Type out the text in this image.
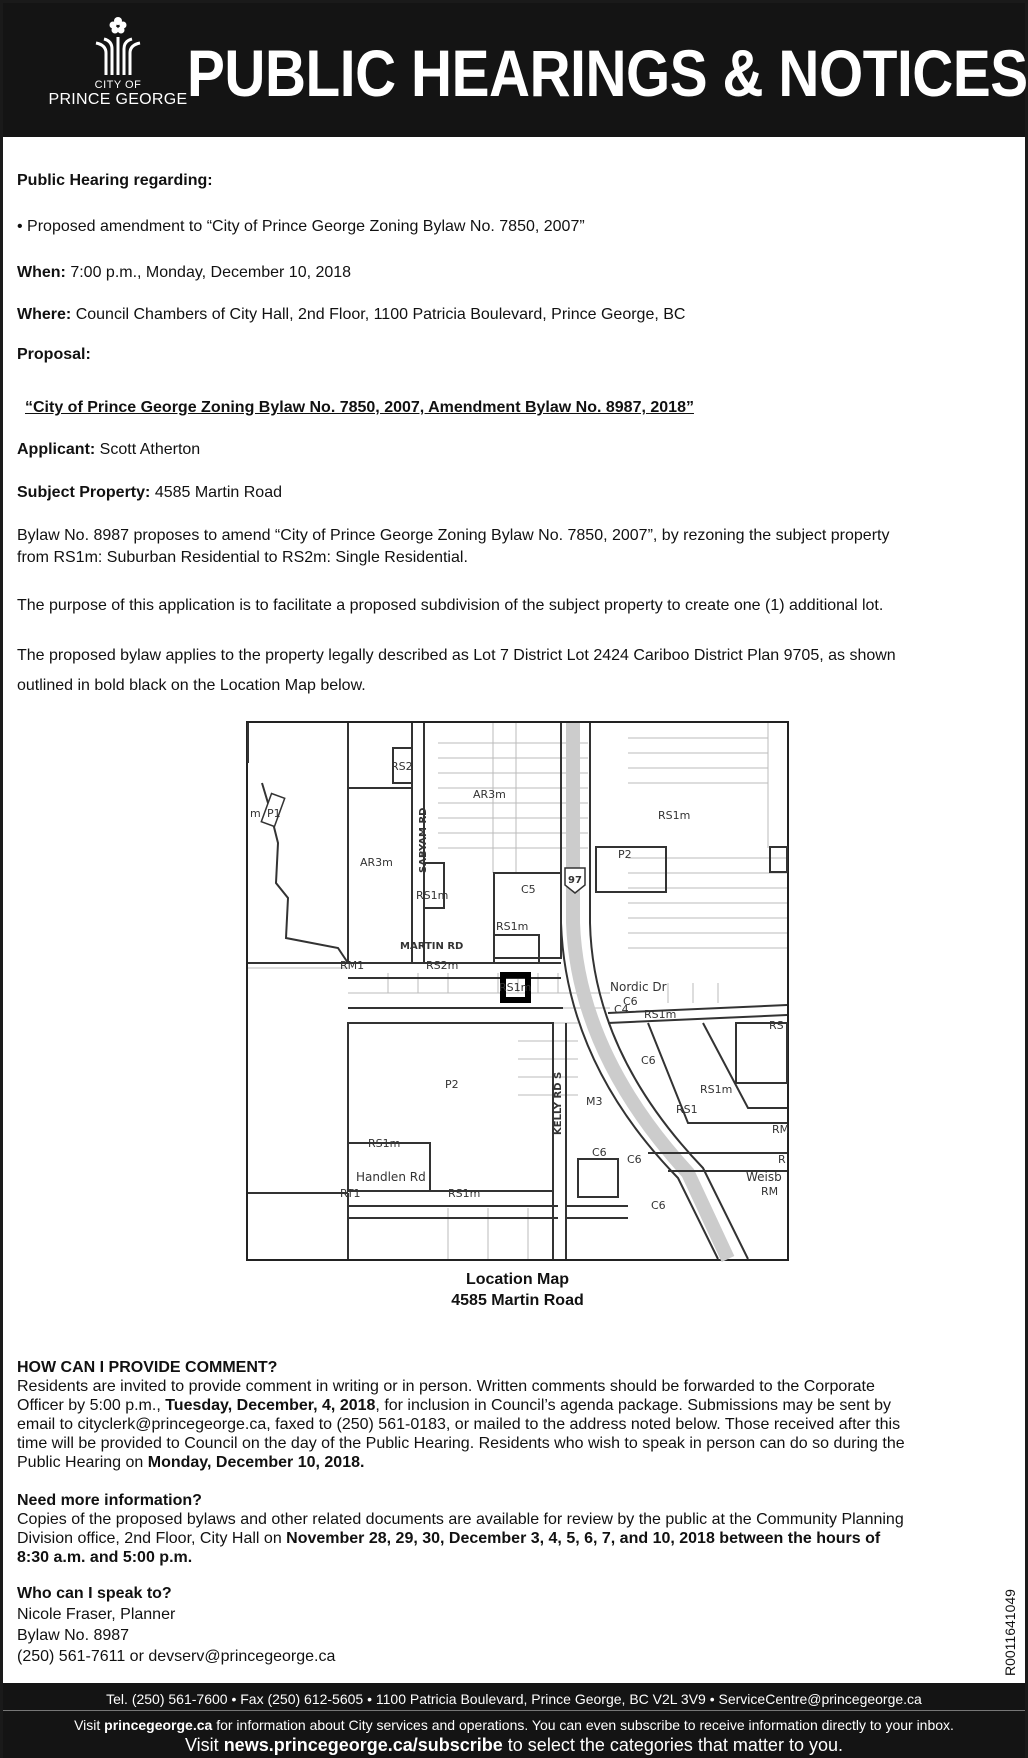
CITY OF
PRINCE GEORGE PUBLIC HEARINGS & NOTICES
Public Hearing regarding:
• Proposed amendment to “City of Prince George Zoning Bylaw No. 7850, 2007”
When: 7:00 p.m., Monday, December 10, 2018
Where: Council Chambers of City Hall, 2nd Floor, 1100 Patricia Boulevard, Prince George, BC
Proposal:
“City of Prince George Zoning Bylaw No. 7850, 2007, Amendment Bylaw No. 8987, 2018”
Applicant: Scott Atherton
Subject Property: 4585 Martin Road
Bylaw No. 8987 proposes to amend “City of Prince George Zoning Bylaw No. 7850, 2007”, by rezoning the subject property
from RS1m: Suburban Residential to RS2m: Single Residential.
The purpose of this application is to facilitate a proposed subdivision of the subject property to create one (1) additional lot.
The proposed bylaw applies to the property legally described as Lot 7 District Lot 2424 Cariboo District Plan 9705, as shown
outlined in bold black on the Location Map below.
RS2
AR3m
P1
m	RS1m
AR3m
97
P2
RS1m	C5
RS1m
MARTIN RD
RM1	RS2m
RS1m	Nordic Dr
C6
C4 RS1m
RS
C6
RS1m
P2
M3
RS1
RM
RS1m
C6
C6	R
Handlen Rd	Weisb
RT1	RS1m	RM
C6
SABYAM RD
KELLY RD S
Location Map
4585 Martin Road
HOW CAN I PROVIDE COMMENT?
Residents are invited to provide comment in writing or in person. Written comments should be forwarded to the Corporate
Officer by 5:00 p.m., Tuesday, December, 4, 2018, for inclusion in Council’s agenda package. Submissions may be sent by
email to cityclerk@princegeorge.ca, faxed to (250) 561-0183, or mailed to the address noted below. Those received after this
time will be provided to Council on the day of the Public Hearing. Residents who wish to speak in person can do so during the
Public Hearing on Monday, December 10, 2018.
Need more information?
Copies of the proposed bylaws and other related documents are available for review by the public at the Community Planning
Division office, 2nd Floor, City Hall on November 28, 29, 30, December 3, 4, 5, 6, 7, and 10, 2018 between the hours of
8:30 a.m. and 5:00 p.m.
Who can I speak to?
Nicole Fraser, Planner
Bylaw No. 8987
(250) 561-7611 or devserv@princegeorge.ca	R0011641049
Tel. (250) 561-7600 • Fax (250) 612-5605 • 1100 Patricia Boulevard, Prince George, BC V2L 3V9 • ServiceCentre@princegeorge.ca
Visit princegeorge.ca for information about City services and operations. You can even subscribe to receive information directly to your inbox.
Visit news.princegeorge.ca/subscribe to select the categories that matter to you.
